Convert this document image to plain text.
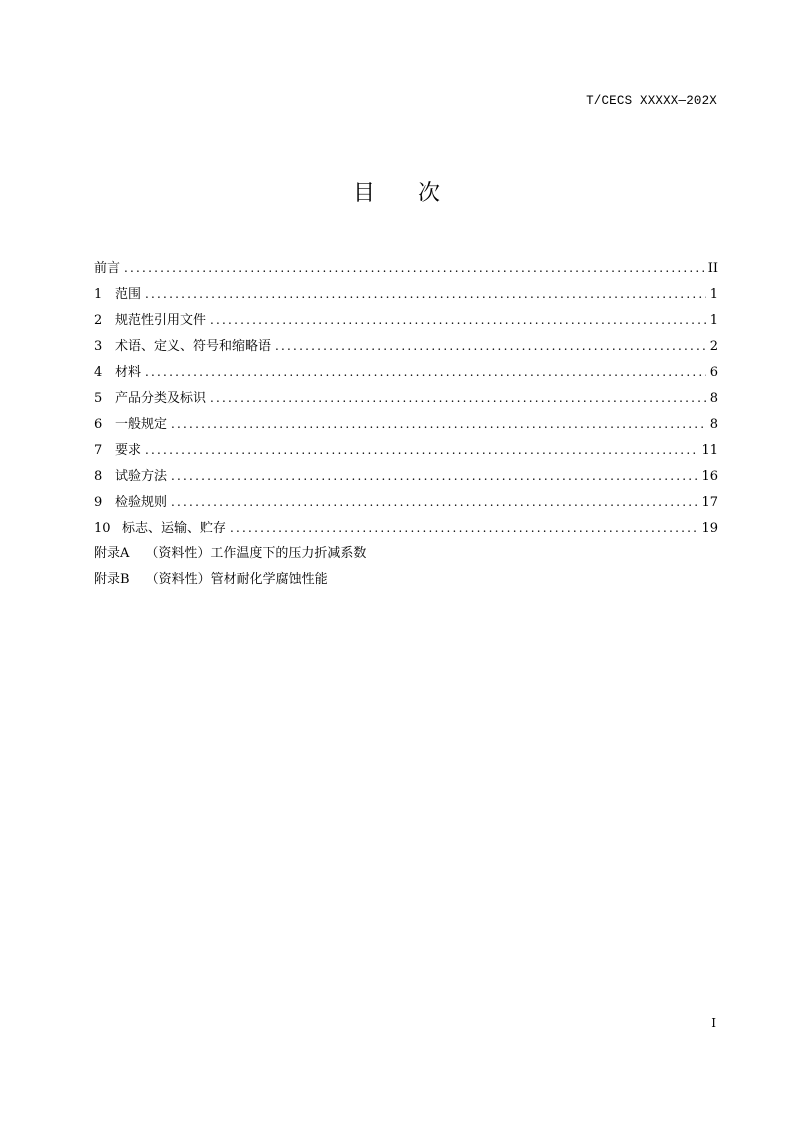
T/CECS XXXXX—202X
目 次
前言 .....	II
1 范围 .....	1
2 规范性引用文件 .....	1
3 术语、定义、符号和缩略语 .....	2
4 材料 .....	6
5 产品分类及标识 .....	8
6 一般规定 .....	8
7 要求 .....	11
8 试验方法 .....	16
9 检验规则 .....	17
10 标志、运输、贮存 .....	19
附录A （资料性） 工作温度下的压力折减系数
附录B （资料性） 管材耐化学腐蚀性能
I
